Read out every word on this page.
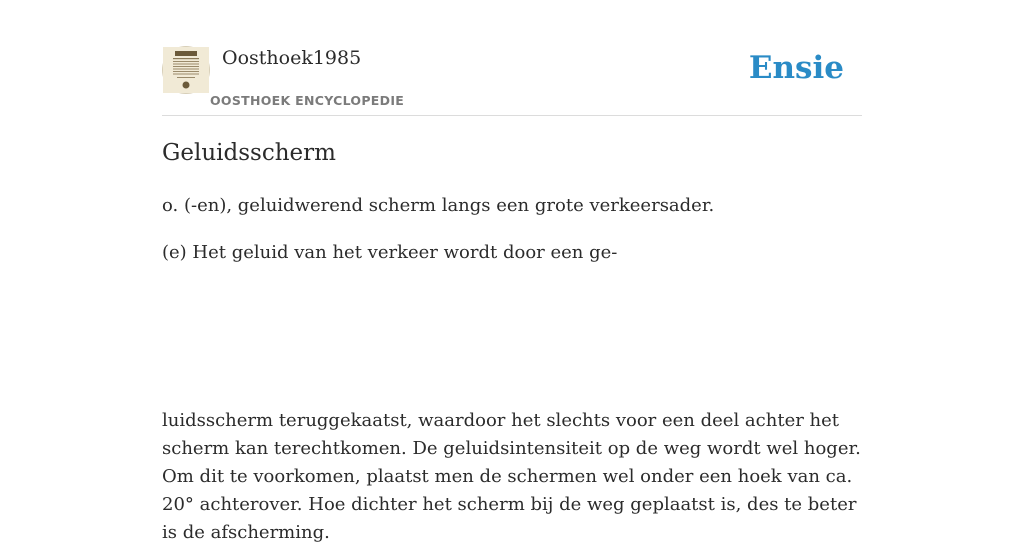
Oosthoek1985
OOSTHOEK ENCYCLOPEDIE
Ensie
Geluidsscherm

o. (-en), geluidwerend scherm langs een grote verkeersader.

(e) Het geluid van het verkeer wordt door een ge-

luidsscherm teruggekaatst, waardoor het slechts voor een deel achter het scherm kan terechtkomen. De geluidsintensiteit op de weg wordt wel hoger. Om dit te voorkomen, plaatst men de schermen wel onder een hoek van ca. 20° achterover. Hoe dichter het scherm bij de weg geplaatst is, des te beter is de afscherming.
